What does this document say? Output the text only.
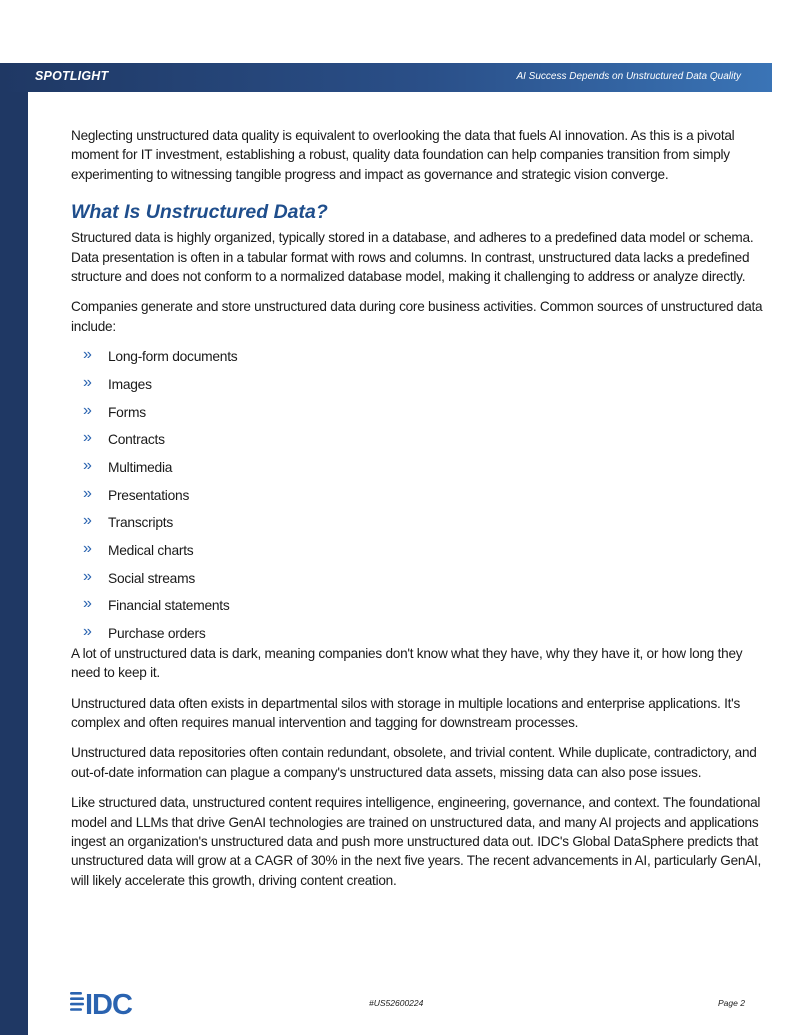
SPOTLIGHT	AI Success Depends on Unstructured Data Quality

Neglecting unstructured data quality is equivalent to overlooking the data that fuels AI innovation. As this is a pivotal moment for IT investment, establishing a robust, quality data foundation can help companies transition from simply experimenting to witnessing tangible progress and impact as governance and strategic vision converge.

What Is Unstructured Data?

Structured data is highly organized, typically stored in a database, and adheres to a predefined data model or schema. Data presentation is often in a tabular format with rows and columns. In contrast, unstructured data lacks a predefined structure and does not conform to a normalized database model, making it challenging to address or analyze directly.

Companies generate and store unstructured data during core business activities. Common sources of unstructured data include:

»	Long-form documents
»	Images
»	Forms
»	Contracts
»	Multimedia
»	Presentations
»	Transcripts
»	Medical charts
»	Social streams
»	Financial statements
»	Purchase orders

A lot of unstructured data is dark, meaning companies don't know what they have, why they have it, or how long they need to keep it.

Unstructured data often exists in departmental silos with storage in multiple locations and enterprise applications. It's complex and often requires manual intervention and tagging for downstream processes.

Unstructured data repositories often contain redundant, obsolete, and trivial content. While duplicate, contradictory, and out-of-date information can plague a company's unstructured data assets, missing data can also pose issues.

Like structured data, unstructured content requires intelligence, engineering, governance, and context. The foundational model and LLMs that drive GenAI technologies are trained on unstructured data, and many AI projects and applications ingest an organization's unstructured data and push more unstructured data out. IDC's Global DataSphere predicts that unstructured data will grow at a CAGR of 30% in the next five years. The recent advancements in AI, particularly GenAI, will likely accelerate this growth, driving content creation.

IDC	#US52600224	Page 2
